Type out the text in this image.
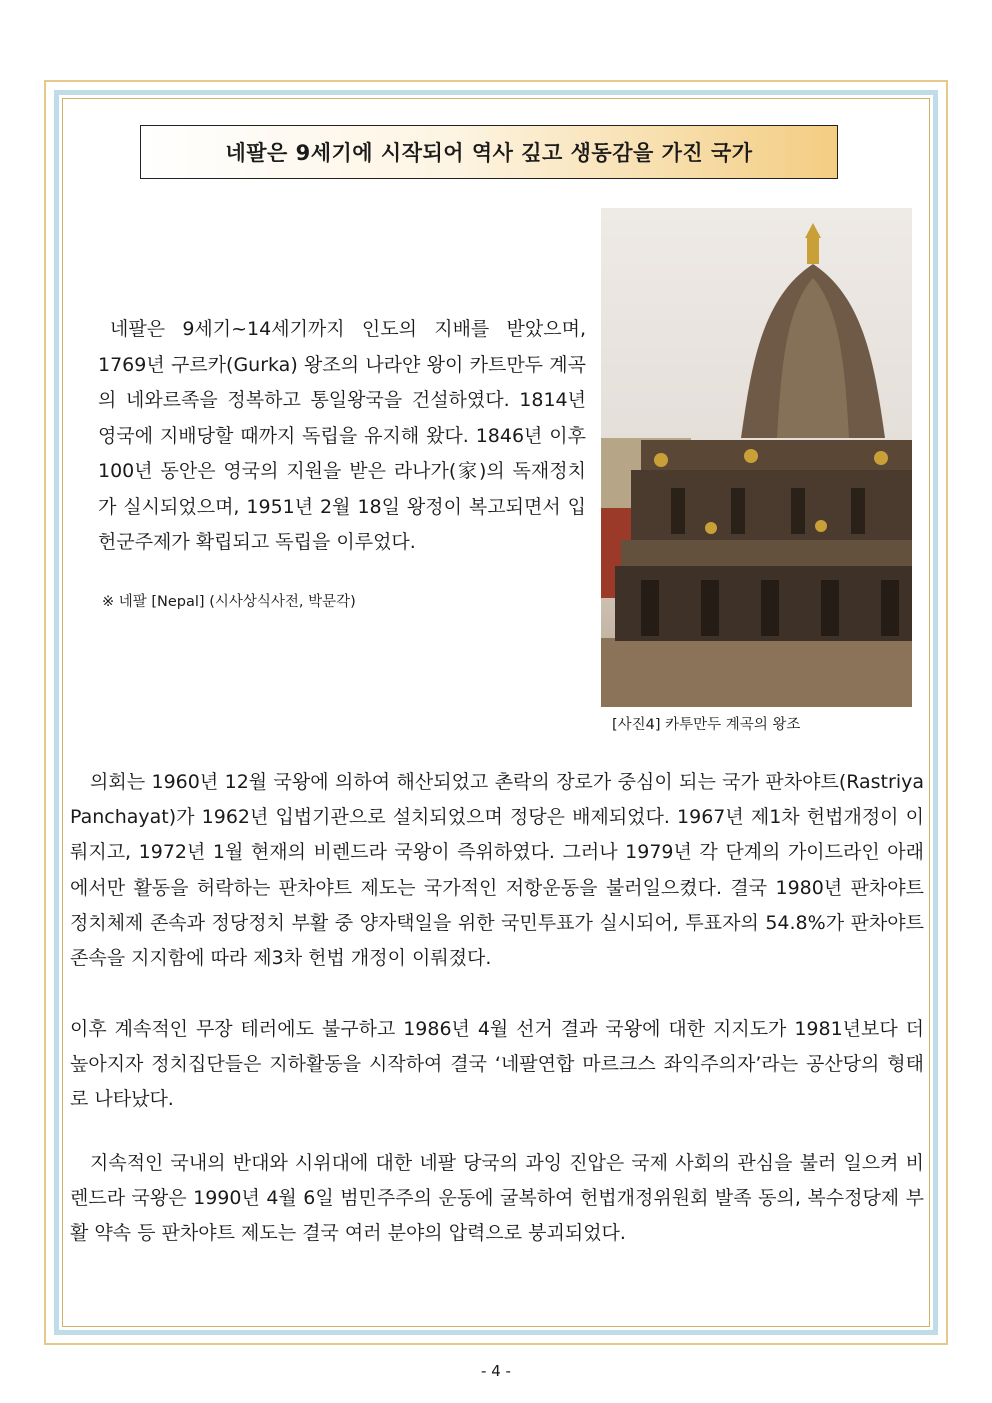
네팔은 9세기에 시작되어 역사 깊고 생동감을 가진 국가

네팔은 9세기~14세기까지 인도의 지배를 받았으며, 1769년 구르카(Gurka) 왕조의 나라얀 왕이 카트만두 계곡의 네와르족을 정복하고 통일왕국을 건설하였다. 1814년 영국에 지배당할 때까지 독립을 유지해 왔다. 1846년 이후 100년 동안은 영국의 지원을 받은 라나가(家)의 독재정치가 실시되었으며, 1951년 2월 18일 왕정이 복고되면서 입헌군주제가 확립되고 독립을 이루었다.

※ 네팔 [Nepal] (시사상식사전, 박문각)
[사진4] 카투만두 계곡의 왕조

의회는 1960년 12월 국왕에 의하여 해산되었고 촌락의 장로가 중심이 되는 국가 판차야트(Rastriya Panchayat)가 1962년 입법기관으로 설치되었으며 정당은 배제되었다. 1967년 제1차 헌법개정이 이뤄지고, 1972년 1월 현재의 비렌드라 국왕이 즉위하였다. 그러나 1979년 각 단계의 가이드라인 아래에서만 활동을 허락하는 판차야트 제도는 국가적인 저항운동을 불러일으켰다. 결국 1980년 판차야트 정치체제 존속과 정당정치 부활 중 양자택일을 위한 국민투표가 실시되어, 투표자의 54.8%가 판차야트 존속을 지지함에 따라 제3차 헌법 개정이 이뤄졌다.

이후 계속적인 무장 테러에도 불구하고 1986년 4월 선거 결과 국왕에 대한 지지도가 1981년보다 더 높아지자 정치집단들은 지하활동을 시작하여 결국 ‘네팔연합 마르크스 좌익주의자’라는 공산당의 형태로 나타났다.

지속적인 국내의 반대와 시위대에 대한 네팔 당국의 과잉 진압은 국제 사회의 관심을 불러 일으켜 비렌드라 국왕은 1990년 4월 6일 범민주주의 운동에 굴복하여 헌법개정위원회 발족 동의, 복수정당제 부활 약속 등 판차야트 제도는 결국 여러 분야의 압력으로 붕괴되었다.

- 4 -
